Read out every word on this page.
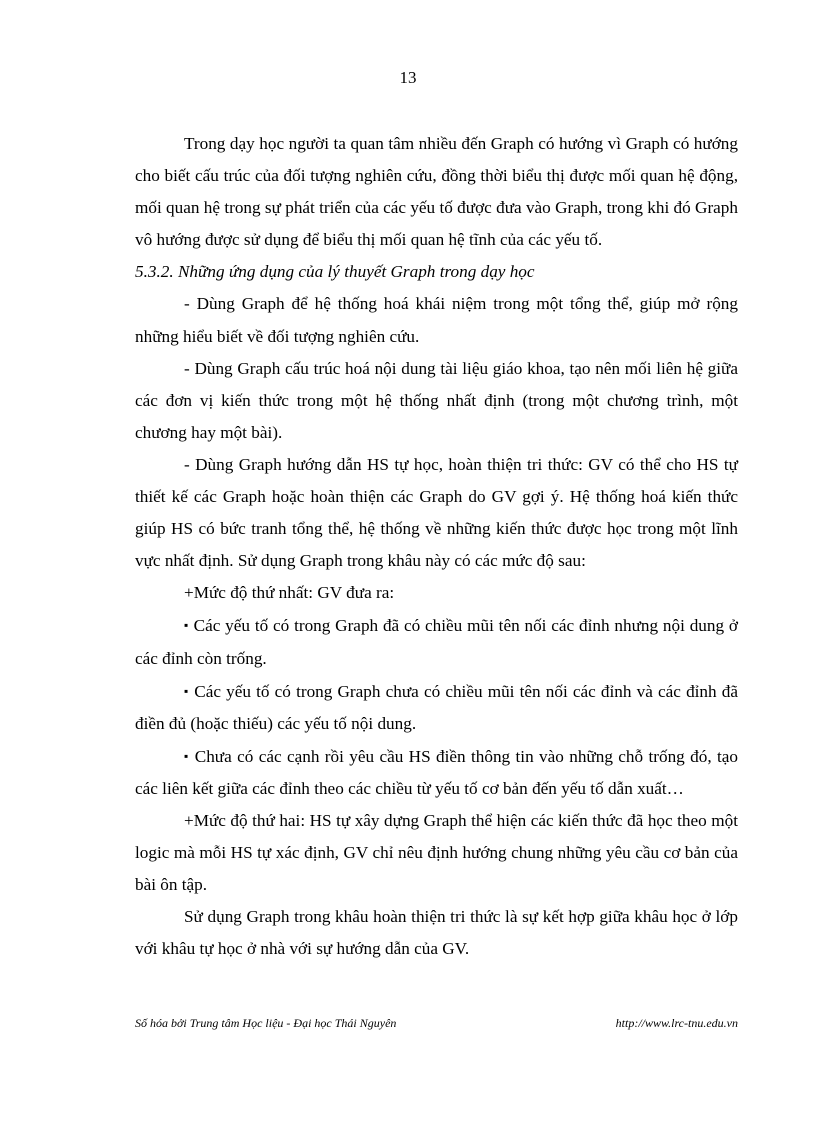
13

Trong dạy học người ta quan tâm nhiều đến Graph có hướng vì Graph có hướng cho biết cấu trúc của đối tượng nghiên cứu, đồng thời biểu thị được mối quan hệ động, mối quan hệ trong sự phát triển của các yếu tố được đưa vào Graph, trong khi đó Graph vô hướng được sử dụng để biểu thị mối quan hệ tĩnh của các yếu tố.

5.3.2. Những ứng dụng của lý thuyết Graph trong dạy học

- Dùng Graph để hệ thống hoá khái niệm trong một tổng thể, giúp mở rộng những hiểu biết về đối tượng nghiên cứu.

- Dùng Graph cấu trúc hoá nội dung tài liệu giáo khoa, tạo nên mối liên hệ giữa các đơn vị kiến thức trong một hệ thống nhất định (trong một chương trình, một chương hay một bài).

- Dùng Graph hướng dẫn HS tự học, hoàn thiện tri thức: GV có thể cho HS tự thiết kế các Graph hoặc hoàn thiện các Graph do GV gợi ý. Hệ thống hoá kiến thức giúp HS có bức tranh tổng thể, hệ thống về những kiến thức được học trong một lĩnh vực nhất định. Sử dụng Graph trong khâu này có các mức độ sau:

+Mức độ thứ nhất: GV đưa ra:

▪ Các yếu tố có trong Graph đã có chiều mũi tên nối các đỉnh nhưng nội dung ở các đỉnh còn trống.

▪ Các yếu tố có trong Graph chưa có chiều mũi tên nối các đỉnh và các đỉnh đã điền đủ (hoặc thiếu) các yếu tố nội dung.

▪ Chưa có các cạnh rồi yêu cầu HS điền thông tin vào những chỗ trống đó, tạo các liên kết giữa các đỉnh theo các chiều từ yếu tố cơ bản đến yếu tố dẫn xuất…

+Mức độ thứ hai: HS tự xây dựng Graph thể hiện các kiến thức đã học theo một logic mà mỗi HS tự xác định, GV chỉ nêu định hướng chung những yêu cầu cơ bản của bài ôn tập.

Sử dụng Graph trong khâu hoàn thiện tri thức là sự kết hợp giữa khâu học ở lớp với khâu tự học ở nhà với sự hướng dẫn của GV.

Số hóa bởi Trung tâm Học liệu - Đại học Thái Nguyên	http://www.lrc-tnu.edu.vn
